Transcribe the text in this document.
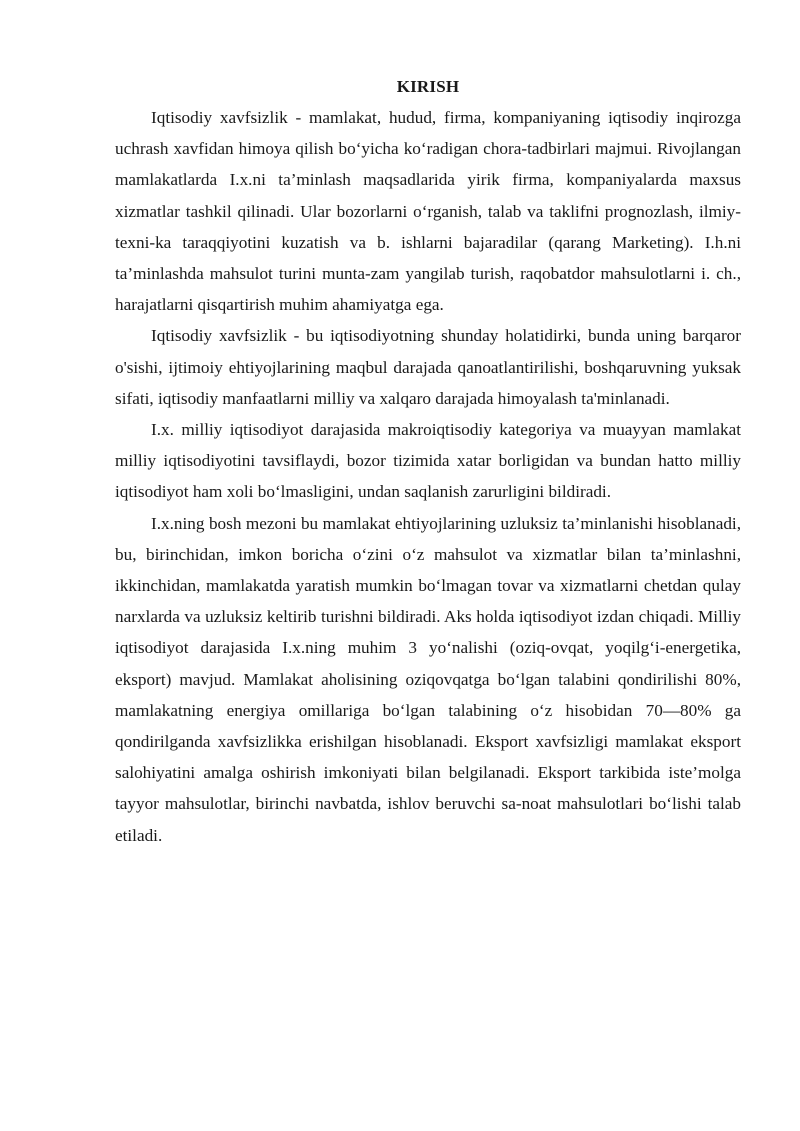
KIRISH

Iqtisodiy xavfsizlik - mamlakat, hudud, firma, kompaniyaning iqtisodiy inqirozga uchrash xavfidan himoya qilish bo‘yicha ko‘radigan chora-tadbirlari majmui. Rivojlangan mamlakatlarda I.x.ni ta’minlash maqsadlarida yirik firma, kompaniyalarda maxsus xizmatlar tashkil qilinadi. Ular bozorlarni o‘rganish, talab va taklifni prognozlash, ilmiy-texni-ka taraqqiyotini kuzatish va b. ishlarni bajaradilar (qarang Marketing). I.h.ni ta’minlashda mahsulot turini munta-zam yangilab turish, raqobatdor mahsulotlarni i. ch., harajatlarni qisqartirish muhim ahamiyatga ega.

Iqtisodiy xavfsizlik - bu iqtisodiyotning shunday holatidirki, bunda uning barqaror o'sishi, ijtimoiy ehtiyojlarining maqbul darajada qanoatlantirilishi, boshqaruvning yuksak sifati, iqtisodiy manfaatlarni milliy va xalqaro darajada himoyalash ta'minlanadi.

I.x. milliy iqtisodiyot darajasida makroiqtisodiy kategoriya va muayyan mamlakat milliy iqtisodiyotini tavsiflaydi, bozor tizimida xatar borligidan va bundan hatto milliy iqtisodiyot ham xoli bo‘lmasligini, undan saqlanish zarurligini bildiradi.

I.x.ning bosh mezoni bu mamlakat ehtiyojlarining uzluksiz ta’minlanishi hisoblanadi, bu, birinchidan, imkon boricha o‘zini o‘z mahsulot va xizmatlar bilan ta’minlashni, ikkinchidan, mamlakatda yaratish mumkin bo‘lmagan tovar va xizmatlarni chetdan qulay narxlarda va uzluksiz keltirib turishni bildiradi. Aks holda iqtisodiyot izdan chiqadi. Milliy iqtisodiyot darajasida I.x.ning muhim 3 yo‘nalishi (oziq-ovqat, yoqilg‘i-energetika, eksport) mavjud. Mamlakat aholisining oziqovqatga bo‘lgan talabini qondirilishi 80%, mamlakatning energiya omillariga bo‘lgan talabining o‘z hisobidan 70—80% ga qondirilganda xavfsizlikka erishilgan hisoblanadi. Eksport xavfsizligi mamlakat eksport salohiyatini amalga oshirish imkoniyati bilan belgilanadi. Eksport tarkibida iste’molga tayyor mahsulotlar, birinchi navbatda, ishlov beruvchi sa-noat mahsulotlari bo‘lishi talab etiladi.
